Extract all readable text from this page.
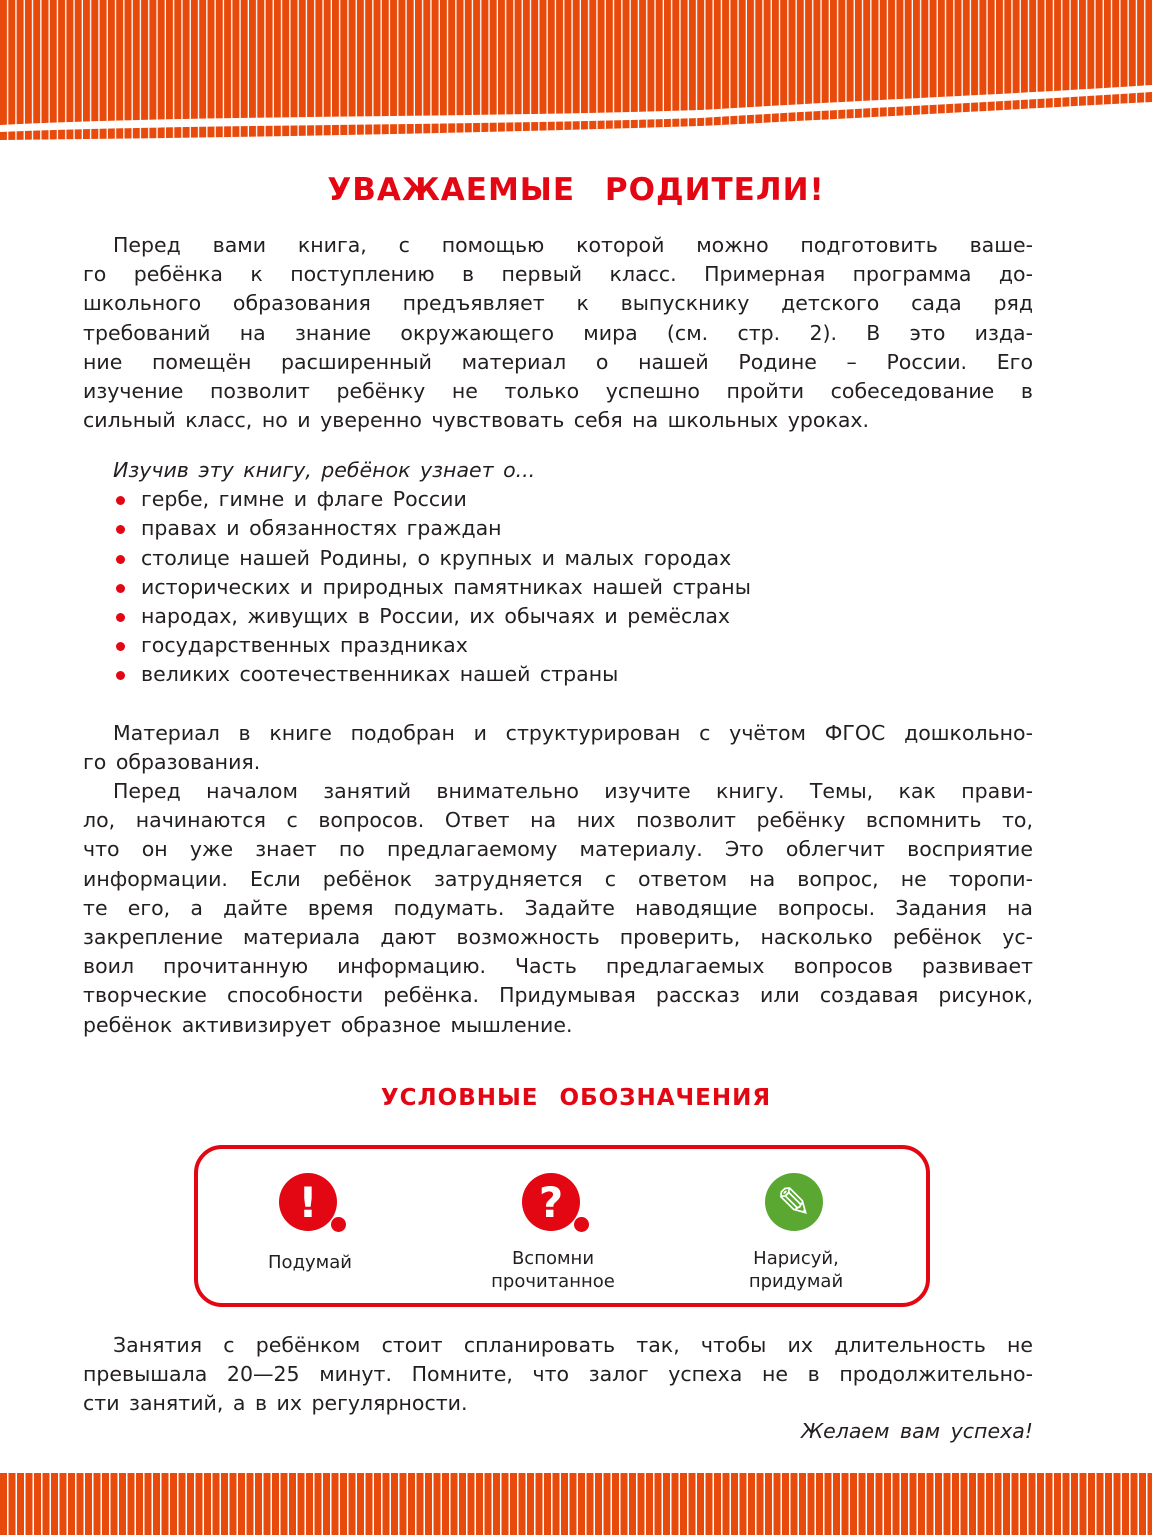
УВАЖАЕМЫЕ РОДИТЕЛИ!
Перед вами книга, с помощью которой можно подготовить ваше-
го ребёнка к поступлению в первый класс. Примерная программа до-
школьного образования предъявляет к выпускнику детского сада ряд
требований на знание окружающего мира (см. стр. 2). В это изда-
ние помещён расширенный материал о нашей Родине – России. Его
изучение позволит ребёнку не только успешно пройти собеседование в
сильный класс, но и уверенно чувствовать себя на школьных уроках.
Изучив эту книгу, ребёнок узнает о...
гербе, гимне и флаге России
правах и обязанностях граждан
столице нашей Родины, о крупных и малых городах
исторических и природных памятниках нашей страны
народах, живущих в России, их обычаях и ремёслах
государственных праздниках
великих соотечественниках нашей страны
Материал в книге подобран и структурирован с учётом ФГОС дошкольно-
го образования.
Перед началом занятий внимательно изучите книгу. Темы, как прави-
ло, начинаются с вопросов. Ответ на них позволит ребёнку вспомнить то,
что он уже знает по предлагаемому материалу. Это облегчит восприятие
информации. Если ребёнок затрудняется с ответом на вопрос, не торопи-
те его, а дайте время подумать. Задайте наводящие вопросы. Задания на
закрепление материала дают возможность проверить, насколько ребёнок ус-
воил прочитанную информацию. Часть предлагаемых вопросов развивает
творческие способности ребёнка. Придумывая рассказ или создавая рисунок,
ребёнок активизирует образное мышление.
УСЛОВНЫЕ ОБОЗНАЧЕНИЯ
!
Подумай
?
Вспомни
прочитанное
✎
Нарисуй,
придумай
Занятия с ребёнком стоит спланировать так, чтобы их длительность не
превышала 20—25 минут. Помните, что залог успеха не в продолжительно-
сти занятий, а в их регулярности.
Желаем вам успеха!
